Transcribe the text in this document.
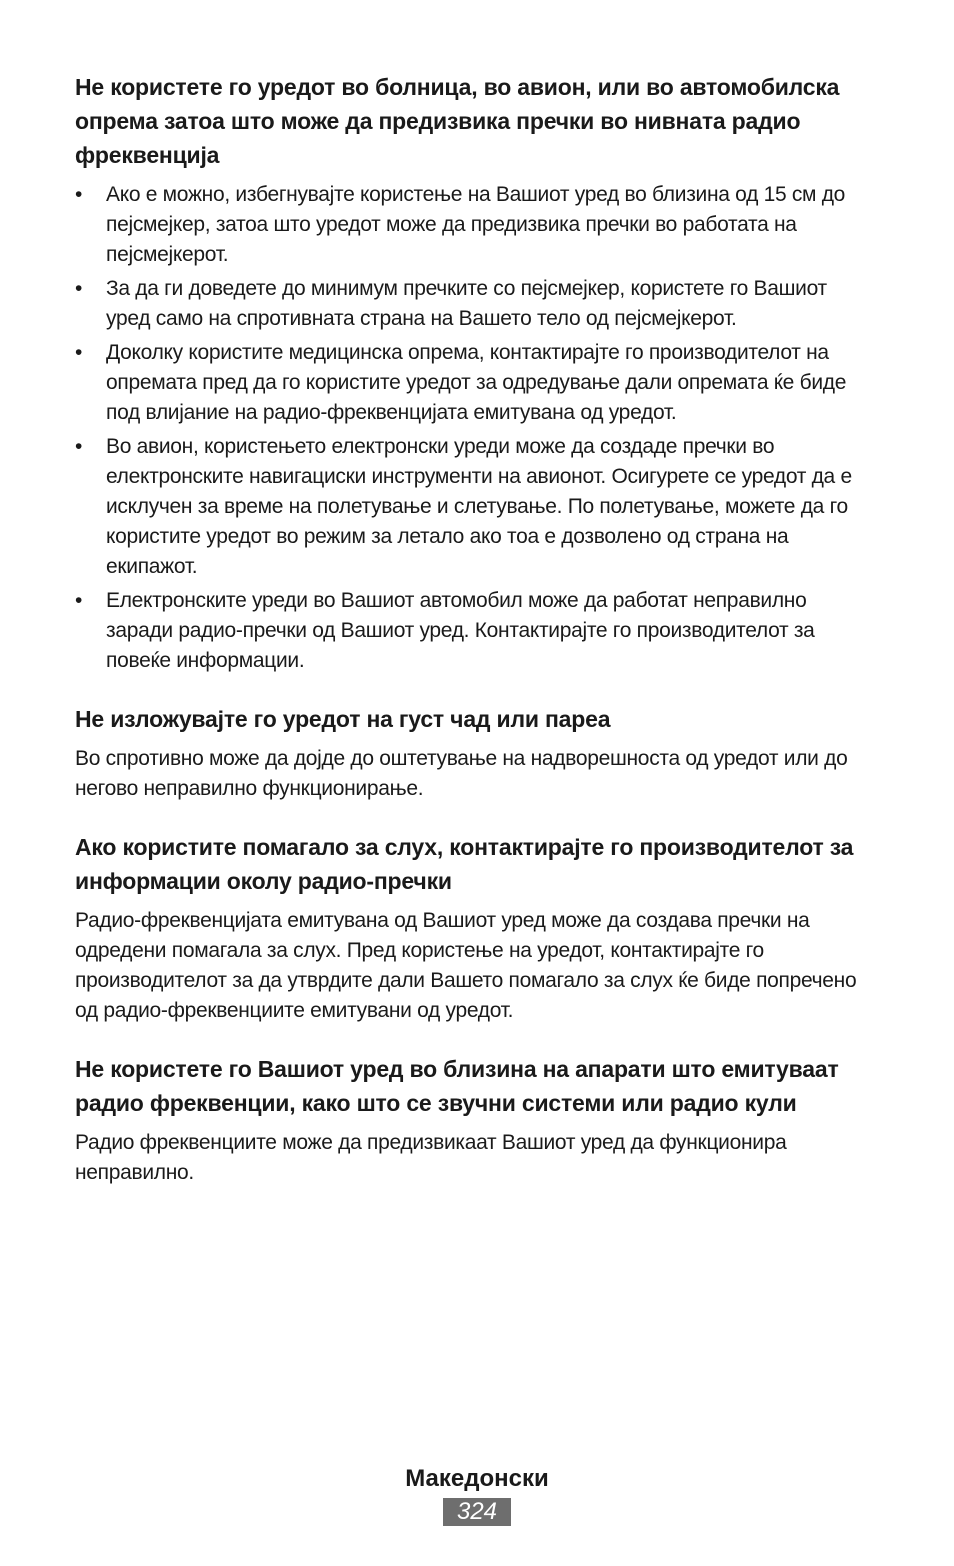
Не користете го уредот во болница, во авион, или во автомобилска опрема затоа што може да предизвика пречки во нивната радио фреквенција
•	Ако е можно, избегнувајте користење на Вашиот уред во близина од 15 см до пејсмејкер, затоа што уредот може да предизвика пречки во работата на пејсмејкерот.
•	За да ги доведете до минимум пречките со пејсмејкер, користете го Вашиот уред само на спротивната страна на Вашето тело од пејсмејкерот.
•	Доколку користите медицинска опрема, контактирајте го производителот на опремата пред да го користите уредот за одредување дали опремата ќе биде под влијание на радио-фреквенцијата емитувана од уредот.
•	Во авион, користењето електронски уреди може да создаде пречки во електронските навигациски инструменти на авионот. Осигурете се уредот да е исклучен за време на полетување и слетување. По полетување, можете да го користите уредот во режим за летало ако тоа е дозволено од страна на екипажот.
•	Електронските уреди во Вашиот автомобил може да работат неправилно заради радио-пречки од Вашиот уред. Контактирајте го производителот за повеќе информации.
Не изложувајте го уредот на густ чад или пареа

Во спротивно може да дојде до оштетување на надворешноста од уредот или до негово неправилно функционирање.

Ако користите помагало за слух, контактирајте го производителот за информации околу радио-пречки

Радио-фреквенцијата емитувана од Вашиот уред може да создава пречки на одредени помагала за слух. Пред користење на уредот, контактирајте го производителот за да утврдите дали Вашето помагало за слух ќе биде попречено од радио-фреквенциите емитувани од уредот.

Не користете го Вашиот уред во близина на апарати што емитуваат радио фреквенции, како што се звучни системи или радио кули

Радио фреквенциите може да предизвикаат Вашиот уред да функционира неправилно.

Македонски
324
